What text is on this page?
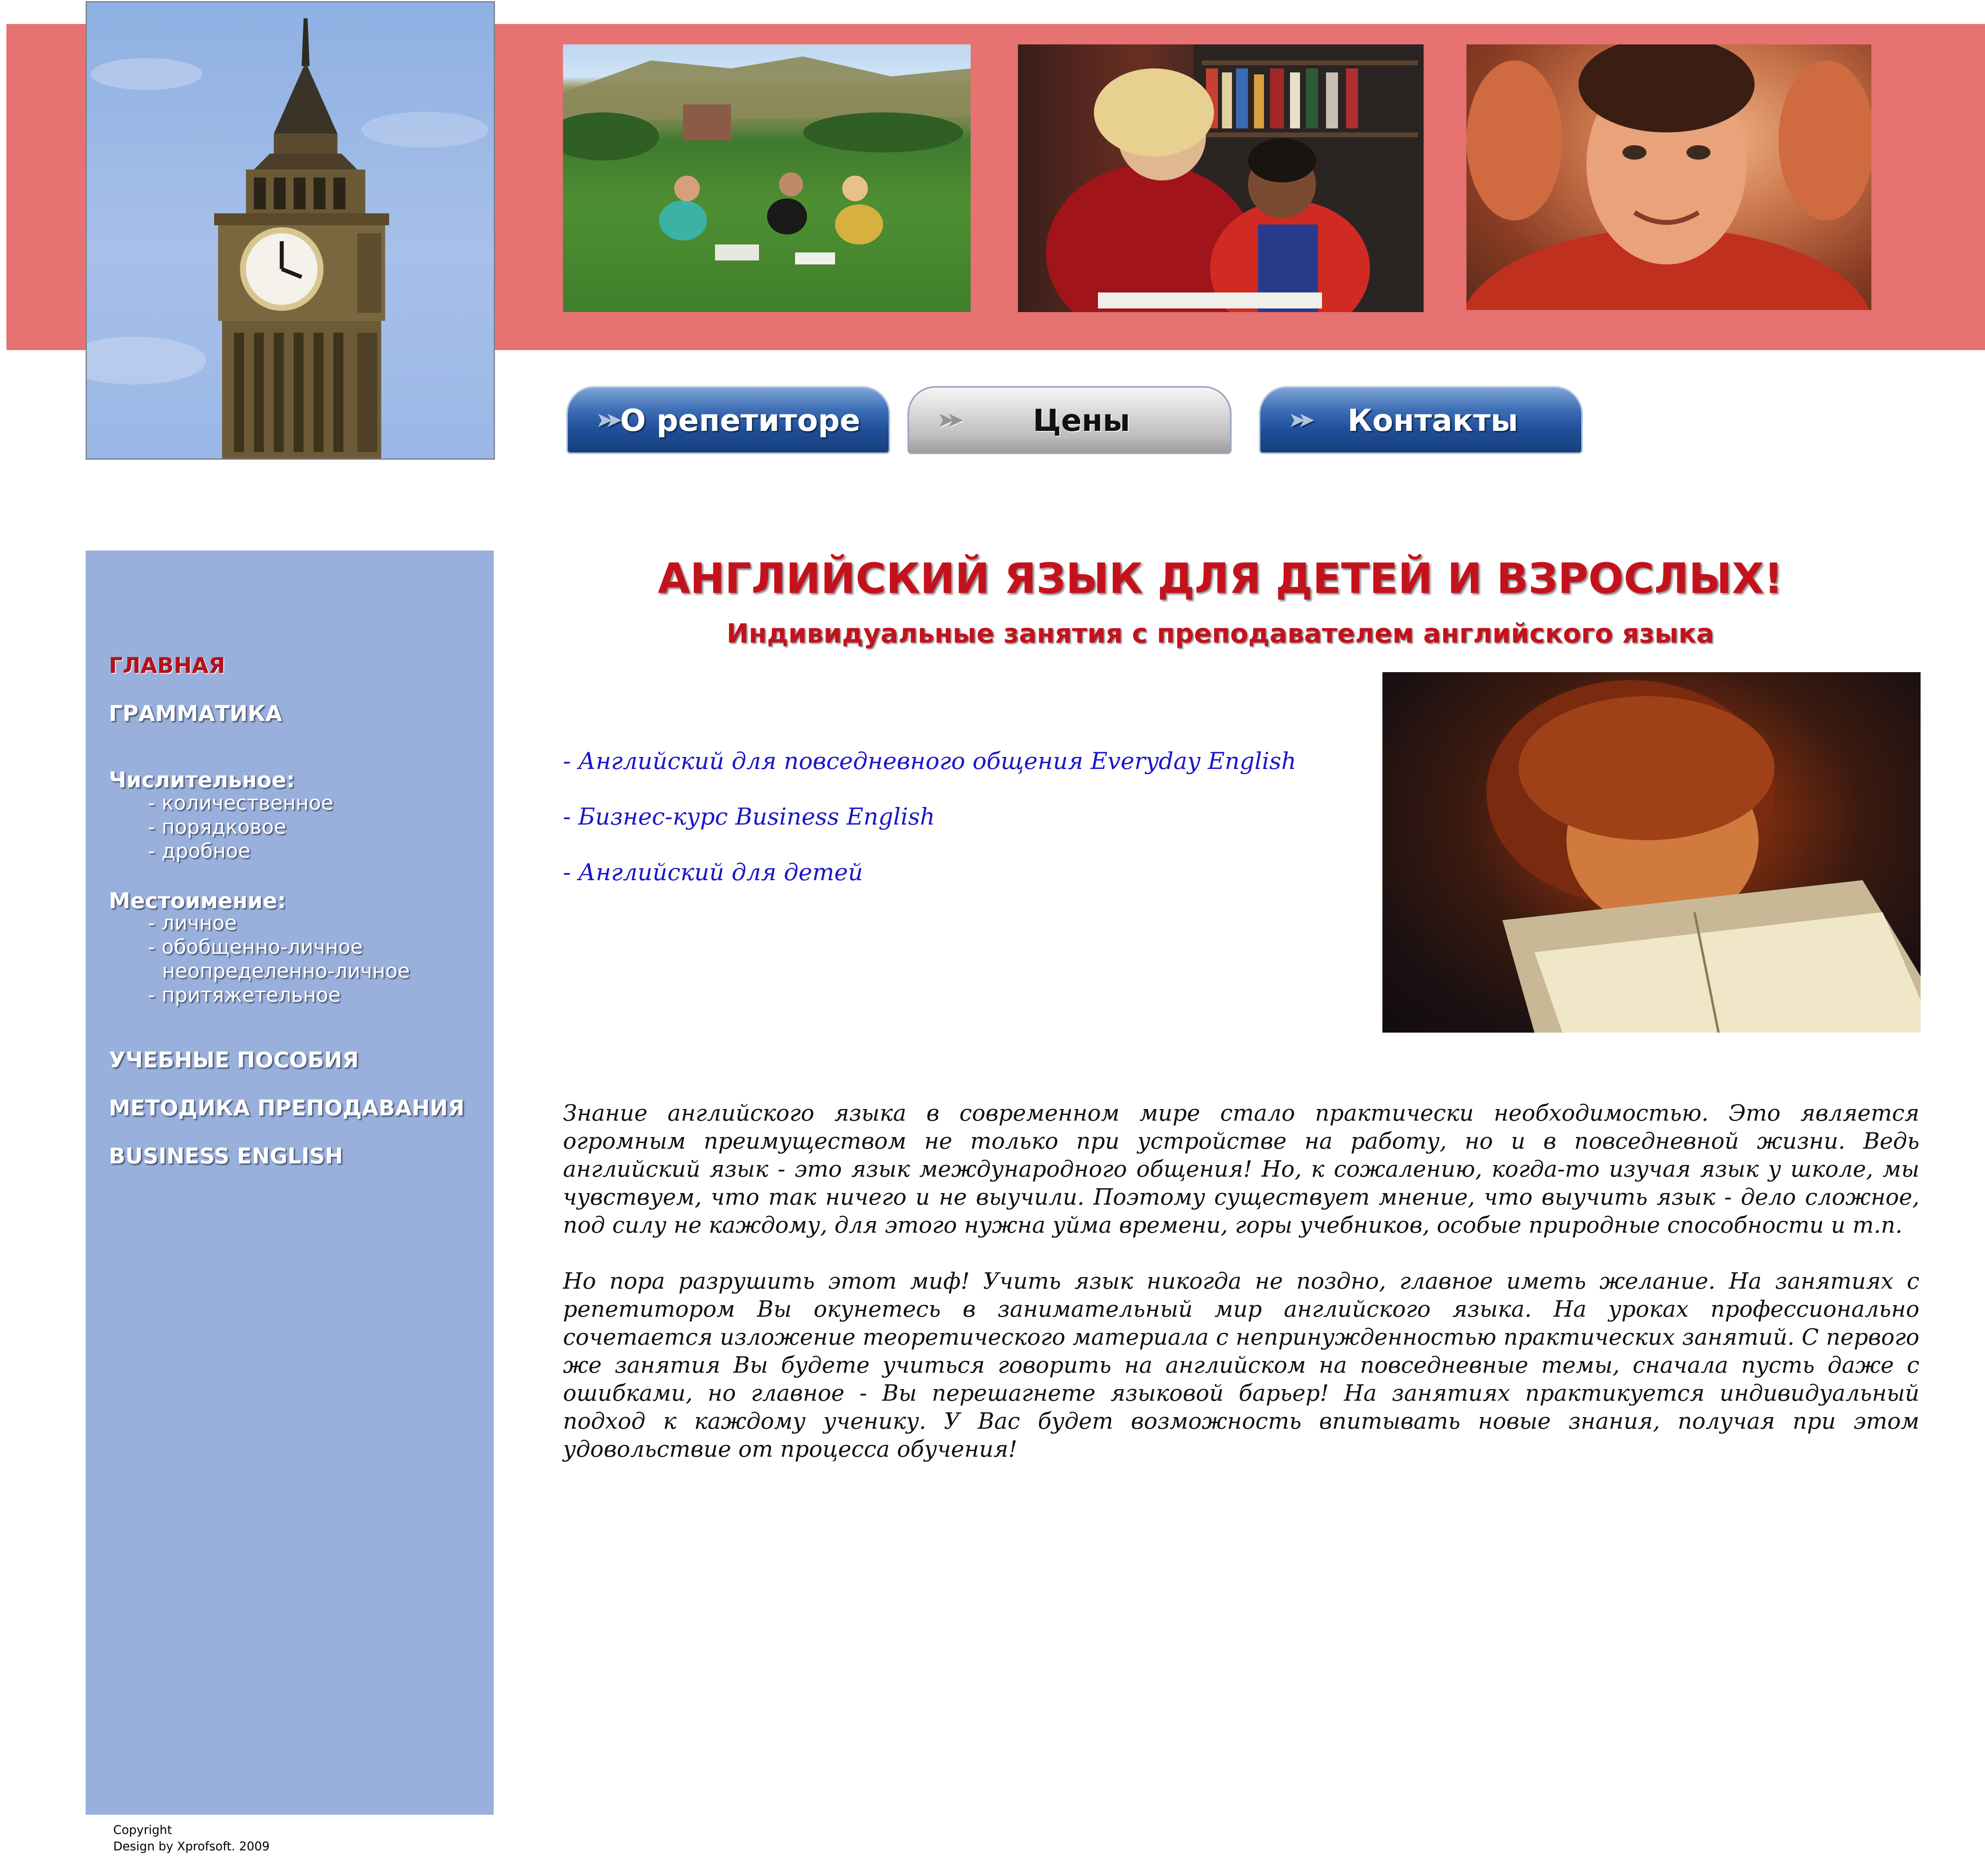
➤➤ О репетиторе	➤➤	Цены	➤➤ Контакты
ГЛАВНАЯ
ГРАММАТИКА
Числительное:
- количественное
- порядковое
- дробное
Местоимение:
- личное
- обобщенно-личное
неопределенно-личное
- притяжетельное
УЧЕБНЫЕ ПОСОБИЯ
МЕТОДИКА ПРЕПОДАВАНИЯ
BUSINESS ENGLISH
АНГЛИЙСКИЙ ЯЗЫК ДЛЯ ДЕТЕЙ И ВЗРОСЛЫХ!
Индивидуальные занятия с преподавателем английского языка
- Английский для повседневного общения Everyday English
- Бизнес-курс Business English
- Английский для детей

Знание английского языка в современном мире стало практически необходимостью. Это является огромным преимуществом не только при устройстве на работу, но и в повседневной жизни. Ведь английский язык - это язык международного общения! Но, к сожалению, когда-то изучая язык у школе, мы чувствуем, что так ничего и не выучили. Поэтому существует мнение, что выучить язык - дело сложное, под силу не каждому, для этого нужна уйма времени, горы учебников, особые природные способности и т.п.

Но пора разрушить этот миф! Учить язык никогда не поздно, главное иметь желание. На занятиях с репетитором Вы окунетесь в занимательный мир английского языка. На уроках профессионально сочетается изложение теоретического материала с непринужденностью практических занятий. С первого же занятия Вы будете учиться говорить на английском на повседневные темы, сначала пусть даже с ошибками, но главное - Вы перешагнете языковой барьер! На занятиях практикуется индивидуальный подход к каждому ученику. У Вас будет возможность впитывать новые знания, получая при этом удовольствие от процесса обучения!

Copyright

Design by Xprofsoft. 2009
